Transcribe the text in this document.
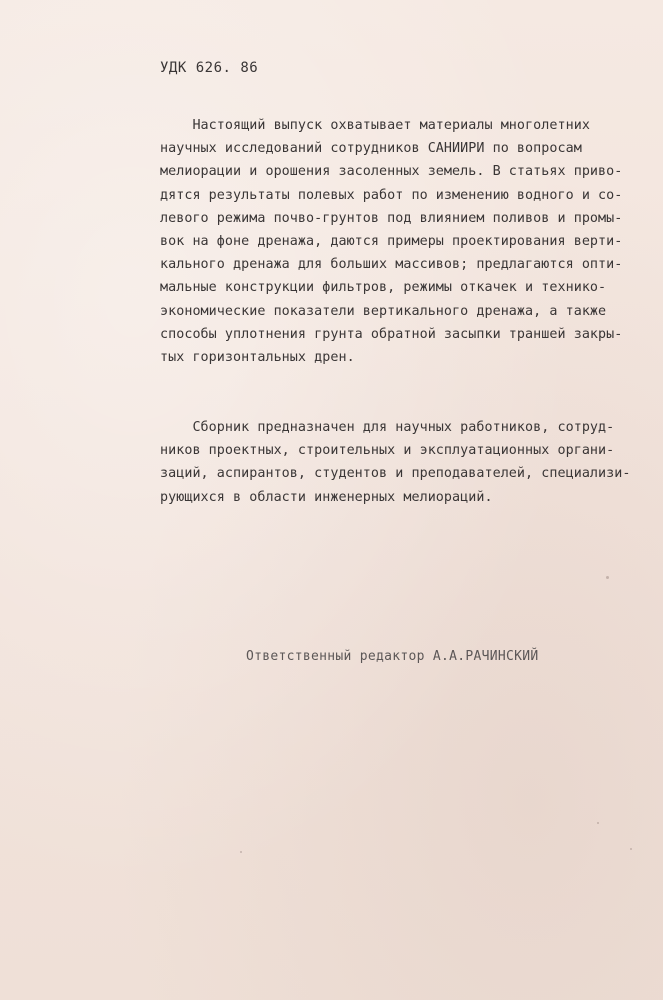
УДК 626. 86
Настоящий выпуск охватывает материалы многолетних
научных исследований сотрудников САНИИРИ по вопросам
мелиорации и орошения засоленных земель. В статьях приво-
дятся результаты полевых работ по изменению водного и со-
левого режима почво-грунтов под влиянием поливов и промы-
вок на фоне дренажа, даются примеры проектирования верти-
кального дренажа для больших массивов; предлагаются опти-
мальные конструкции фильтров, режимы откачек и технико-
экономические показатели вертикального дренажа, а также
способы уплотнения грунта обратной засыпки траншей закры-
тых горизонтальных дрен.
Сборник предназначен для научных работников, сотруд-
ников проектных, строительных и эксплуатационных органи-
заций, аспирантов, студентов и преподавателей, специализи-
рующихся в области инженерных мелиораций.
Ответственный редактор А.А.РАЧИНСКИЙ
